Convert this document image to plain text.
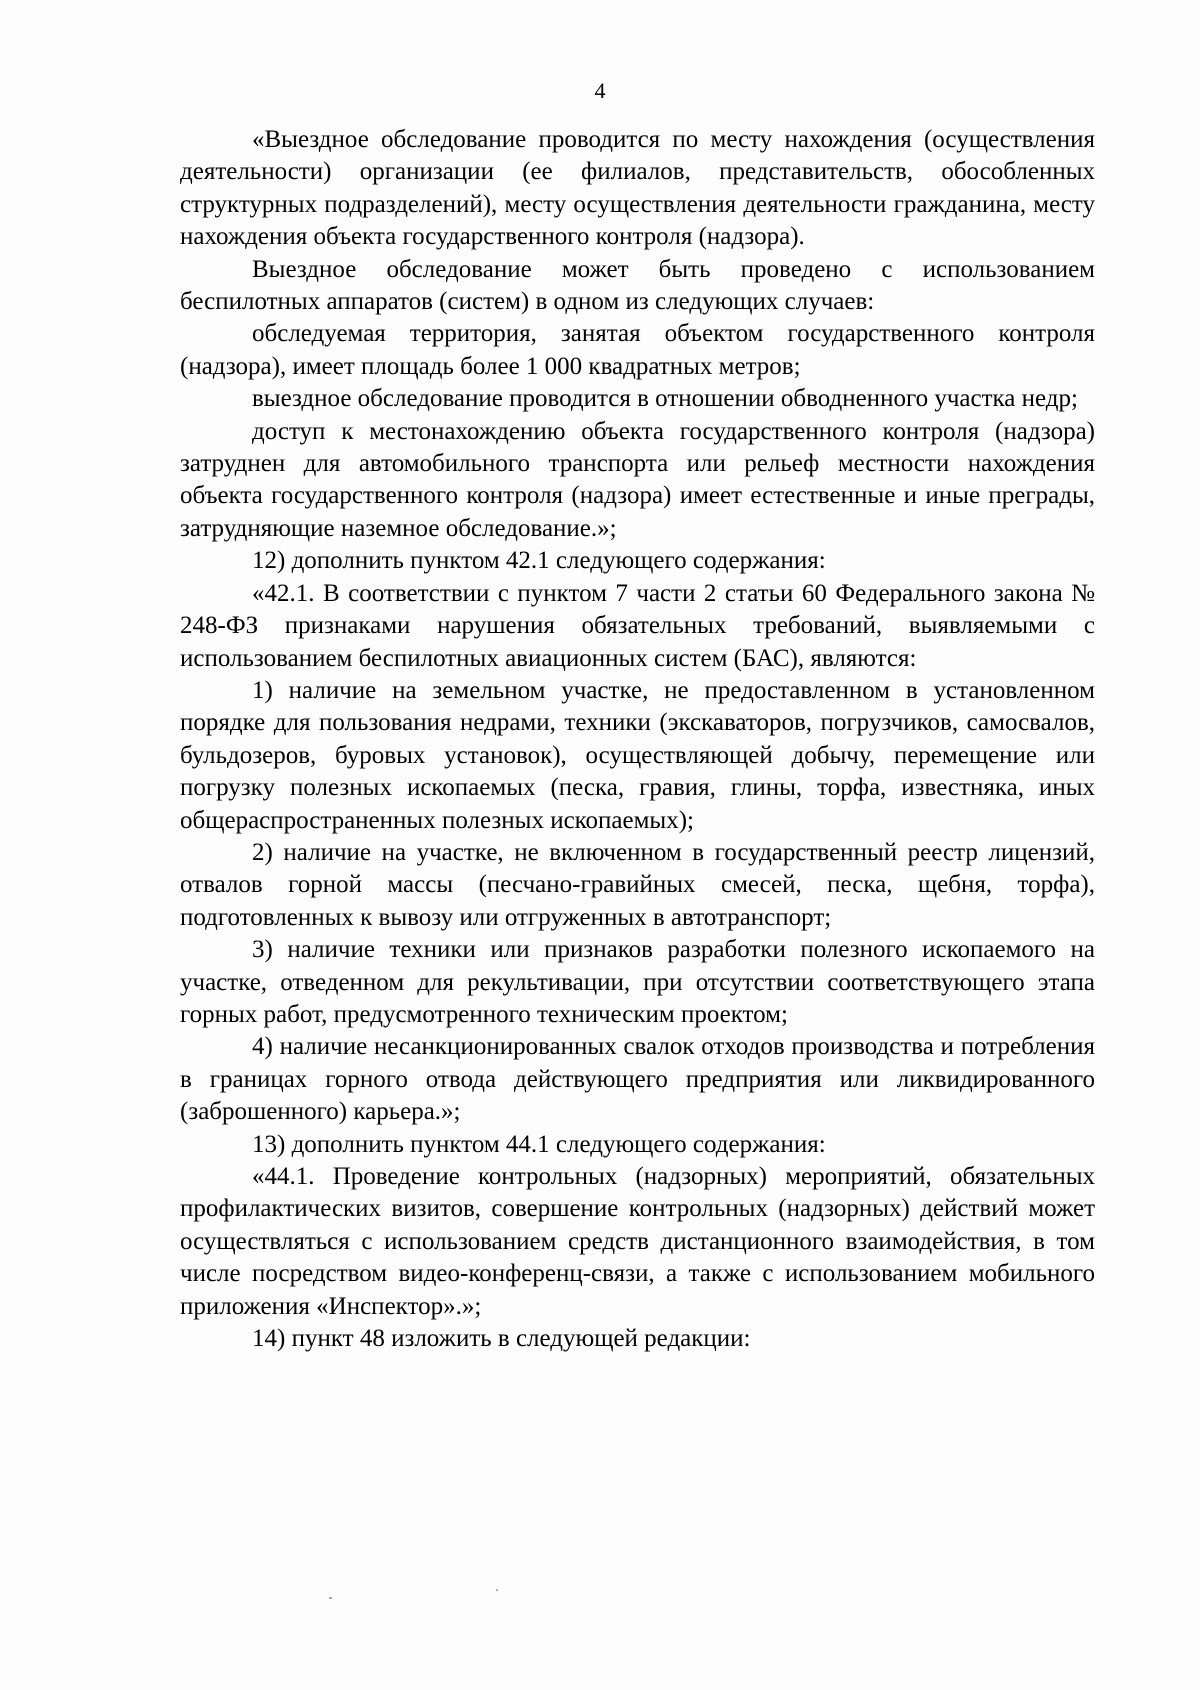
4

«Выездное обследование проводится по месту нахождения (осуществления деятельности) организации (ее филиалов, представительств, обособленных структурных подразделений), месту осуществления деятельности гражданина, месту нахождения объекта государственного контроля (надзора).

Выездное обследование может быть проведено с использованием беспилотных аппаратов (систем) в одном из следующих случаев:

обследуемая территория, занятая объектом государственного контроля (надзора), имеет площадь более 1 000 квадратных метров;

выездное обследование проводится в отношении обводненного участка недр;

доступ к местонахождению объекта государственного контроля (надзора) затруднен для автомобильного транспорта или рельеф местности нахождения объекта государственного контроля (надзора) имеет естественные и иные преграды, затрудняющие наземное обследование.»;

12) дополнить пунктом 42.1 следующего содержания:

«42.1. В соответствии с пунктом 7 части 2 статьи 60 Федерального закона № 248-ФЗ признаками нарушения обязательных требований, выявляемыми с использованием беспилотных авиационных систем (БАС), являются:

1) наличие на земельном участке, не предоставленном в установленном порядке для пользования недрами, техники (экскаваторов, погрузчиков, самосвалов, бульдозеров, буровых установок), осуществляющей добычу, перемещение или погрузку полезных ископаемых (песка, гравия, глины, торфа, известняка, иных общераспространенных полезных ископаемых);

2) наличие на участке, не включенном в государственный реестр лицензий, отвалов горной массы (песчано-гравийных смесей, песка, щебня, торфа), подготовленных к вывозу или отгруженных в автотранспорт;

3) наличие техники или признаков разработки полезного ископаемого на участке, отведенном для рекультивации, при отсутствии соответствующего этапа горных работ, предусмотренного техническим проектом;

4) наличие несанкционированных свалок отходов производства и потребления в границах горного отвода действующего предприятия или ликвидированного (заброшенного) карьера.»;

13) дополнить пунктом 44.1 следующего содержания:

«44.1. Проведение контрольных (надзорных) мероприятий, обязательных профилактических визитов, совершение контрольных (надзорных) действий может осуществляться с использованием средств дистанционного взаимодействия, в том числе посредством видео-конференц-связи, а также с использованием мобильного приложения «Инспектор».»;

14) пункт 48 изложить в следующей редакции:
